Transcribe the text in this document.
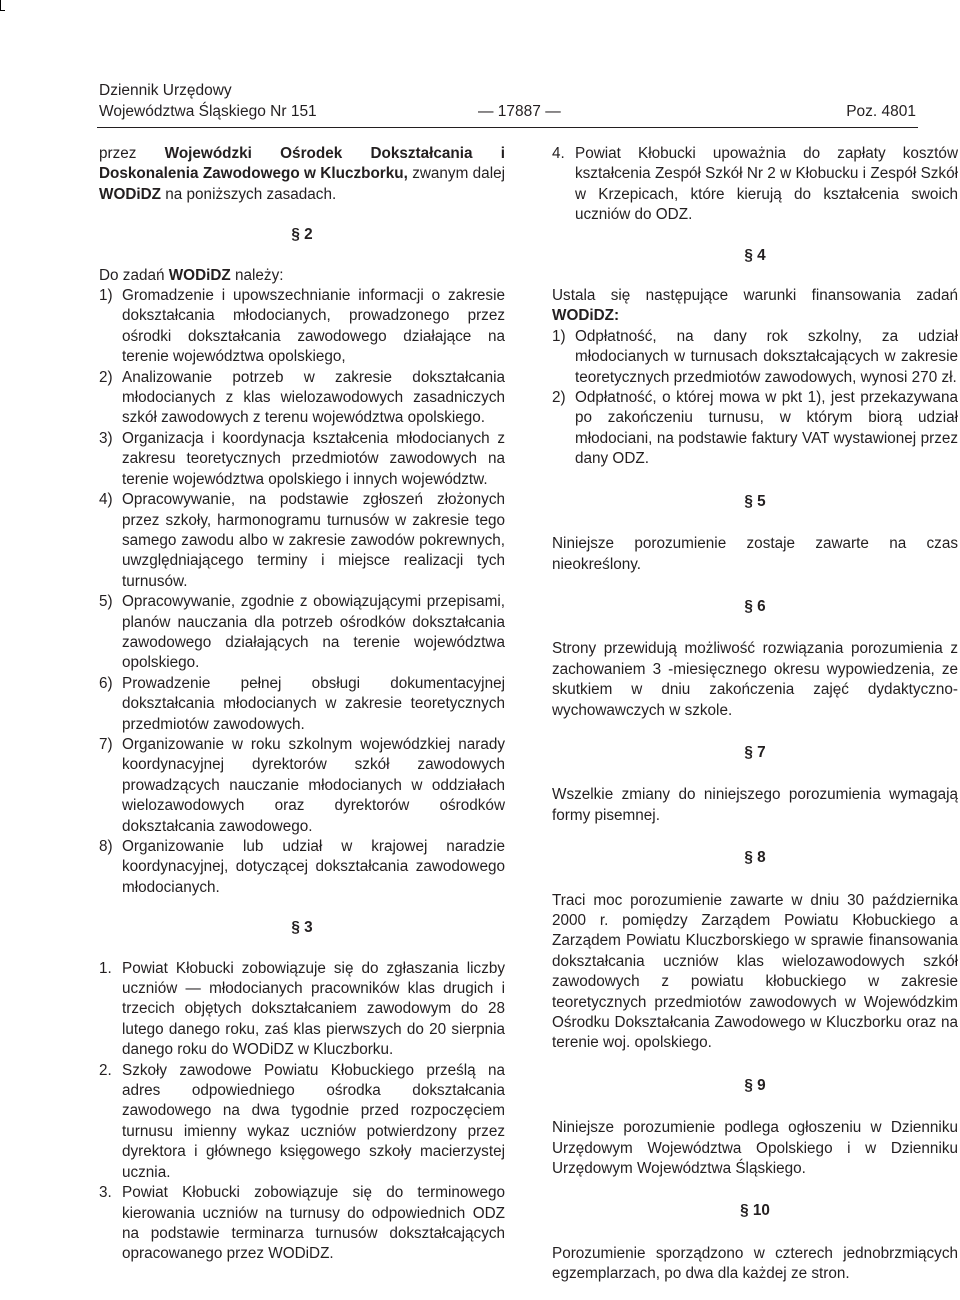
Dziennik Urzędowy
Województwa Śląskiego Nr 151	— 17887 —	Poz. 4801

przez Wojewódzki Ośrodek Dokształcania i Doskonalenia Zawodowego w Kluczborku, zwanym dalej WODiDZ na poniższych zasadach.

§ 2

Do zadań WODiDZ należy:

1) Gromadzenie i upowszechnianie informacji o zakresie dokształcania młodocianych, prowadzonego przez ośrodki dokształcania zawodowego działające na terenie województwa opolskiego,
2) Analizowanie potrzeb w zakresie dokształcania młodocianych z klas wielozawodowych zasadniczych szkół zawodowych z terenu województwa opolskiego.
3) Organizacja i koordynacja kształcenia młodocianych z zakresu teoretycznych przedmiotów zawodowych na terenie województwa opolskiego i innych województw.
4) Opracowywanie, na podstawie zgłoszeń złożonych przez szkoły, harmonogramu turnusów w zakresie tego samego zawodu albo w zakresie zawodów pokrewnych, uwzględniającego terminy i miejsce realizacji tych turnusów.
5) Opracowywanie, zgodnie z obowiązującymi przepisami, planów nauczania dla potrzeb ośrodków dokształcania zawodowego działających na terenie województwa opolskiego.
6) Prowadzenie pełnej obsługi dokumentacyjnej dokształcania młodocianych w zakresie teoretycznych przedmiotów zawodowych.
7) Organizowanie w roku szkolnym wojewódzkiej narady koordynacyjnej dyrektorów szkół zawodowych prowadzących nauczanie młodocianych w oddziałach wielozawodowych oraz dyrektorów ośrodków dokształcania zawodowego.
8) Organizowanie lub udział w krajowej naradzie koordynacyjnej, dotyczącej dokształcania zawodowego młodocianych.

§ 3

1. Powiat Kłobucki zobowiązuje się do zgłaszania liczby uczniów — młodocianych pracowników klas drugich i trzecich objętych dokształcaniem zawodowym do 28 lutego danego roku, zaś klas pierwszych do 20 sierpnia danego roku do WODiDZ w Kluczborku.
2. Szkoły zawodowe Powiatu Kłobuckiego prześlą na adres odpowiedniego ośrodka dokształcania zawodowego na dwa tygodnie przed rozpoczęciem turnusu imienny wykaz uczniów potwierdzony przez dyrektora i głównego księgowego szkoły macierzystej ucznia.
3. Powiat Kłobucki zobowiązuje się do terminowego kierowania uczniów na turnusy do odpowiednich ODZ na podstawie terminarza turnusów dokształcających opracowanego przez WODiDZ.
4. Powiat Kłobucki upoważnia do zapłaty kosztów kształcenia Zespół Szkół Nr 2 w Kłobucku i Zespół Szkół w Krzepicach, które kierują do kształcenia swoich uczniów do ODZ.

§ 4

Ustala się następujące warunki finansowania zadań WODiDZ:

1) Odpłatność, na dany rok szkolny, za udział młodocianych w turnusach dokształcających w zakresie teoretycznych przedmiotów zawodowych, wynosi 270 zł.
2) Odpłatność, o której mowa w pkt 1), jest przekazywana po zakończeniu turnusu, w którym biorą udział młodociani, na podstawie faktury VAT wystawionej przez dany ODZ.

§ 5

Niniejsze porozumienie zostaje zawarte na czas nieokreślony.

§ 6

Strony przewidują możliwość rozwiązania porozumienia z zachowaniem 3 -miesięcznego okresu wypowiedzenia, ze skutkiem w dniu zakończenia zajęć dydaktyczno-wychowawczych w szkole.

§ 7

Wszelkie zmiany do niniejszego porozumienia wymagają formy pisemnej.

§ 8

Traci moc porozumienie zawarte w dniu 30 października 2000 r. pomiędzy Zarządem Powiatu Kłobuckiego a Zarządem Powiatu Kluczborskiego w sprawie finansowania dokształcania uczniów klas wielozawodowych szkół zawodowych z powiatu kłobuckiego w zakresie teoretycznych przedmiotów zawodowych w Wojewódzkim Ośrodku Dokształcania Zawodowego w Kluczborku oraz na terenie woj. opolskiego.

§ 9

Niniejsze porozumienie podlega ogłoszeniu w Dzienniku Urzędowym Województwa Opolskiego i w Dzienniku Urzędowym Województwa Śląskiego.

§ 10

Porozumienie sporządzono w czterech jednobrzmiących egzemplarzach, po dwa dla każdej ze stron.
